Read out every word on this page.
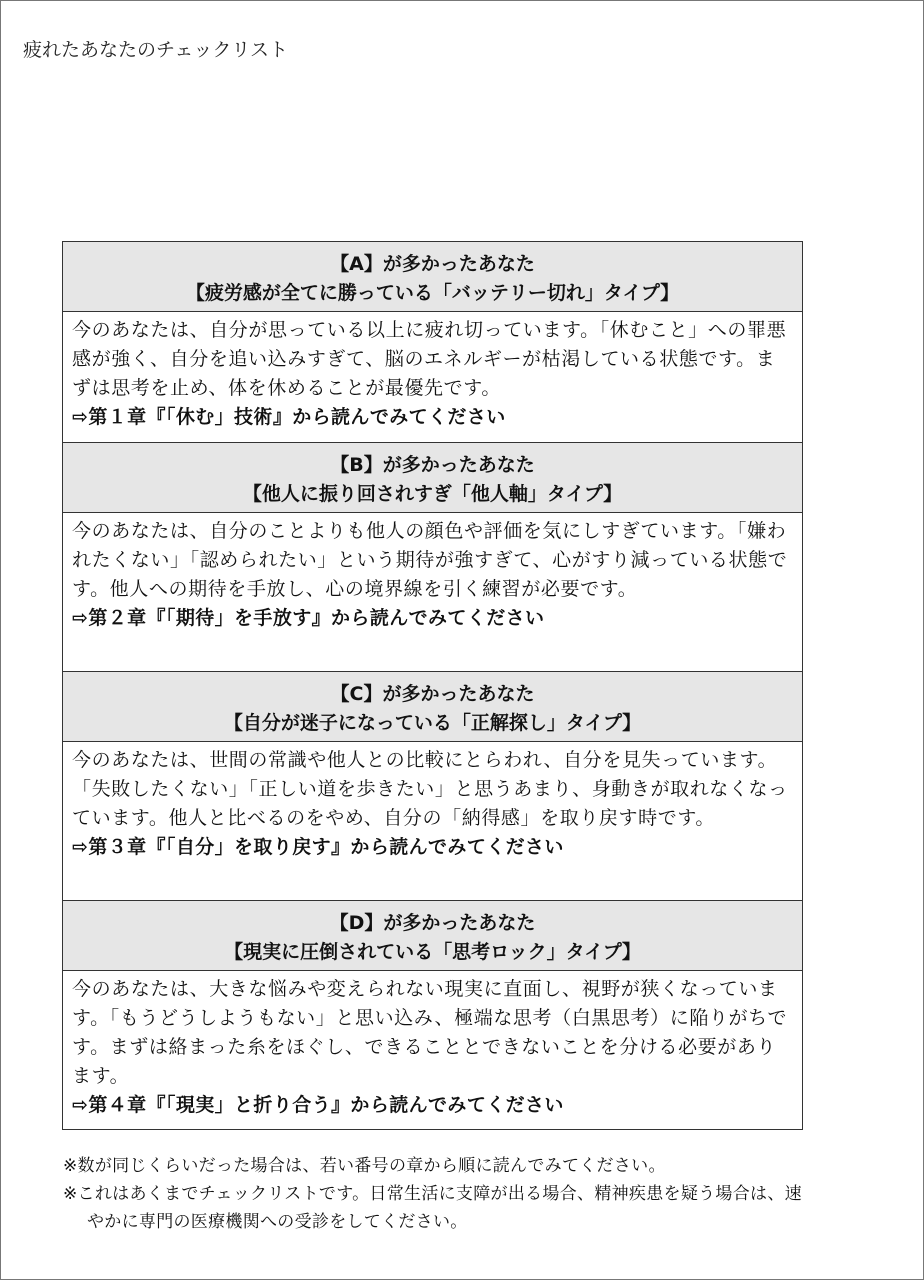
疲れたあなたのチェックリスト
【A】が多かったあなた
【疲労感が全てに勝っている「バッテリー切れ」タイプ】

今のあなたは、自分が思っている以上に疲れ切っています。「休むこと」への罪悪感が強く、自分を追い込みすぎて、脳のエネルギーが枯渇している状態です。まずは思考を止め、体を休めることが最優先です。

⇨第１章『「休む」技術』から読んでみてください

【B】が多かったあなた
【他人に振り回されすぎ「他人軸」タイプ】

今のあなたは、自分のことよりも他人の顔色や評価を気にしすぎています。「嫌われたくない」「認められたい」という期待が強すぎて、心がすり減っている状態です。他人への期待を手放し、心の境界線を引く練習が必要です。

⇨第２章『「期待」を手放す』から読んでみてください

【C】が多かったあなた
【自分が迷子になっている「正解探し」タイプ】

今のあなたは、世間の常識や他人との比較にとらわれ、自分を見失っています。「失敗したくない」「正しい道を歩きたい」と思うあまり、身動きが取れなくなっています。他人と比べるのをやめ、自分の「納得感」を取り戻す時です。

⇨第３章『「自分」を取り戻す』から読んでみてください

【D】が多かったあなた
【現実に圧倒されている「思考ロック」タイプ】

今のあなたは、大きな悩みや変えられない現実に直面し、視野が狭くなっています。「もうどうしようもない」と思い込み、極端な思考（白黒思考）に陥りがちです。まずは絡まった糸をほぐし、できることとできないことを分ける必要があります。

⇨第４章『「現実」と折り合う』から読んでみてください

※数が同じくらいだった場合は、若い番号の章から順に読んでみてください。

※これはあくまでチェックリストです。日常生活に支障が出る場合、精神疾患を疑う場合は、速やかに専門の医療機関への受診をしてください。
